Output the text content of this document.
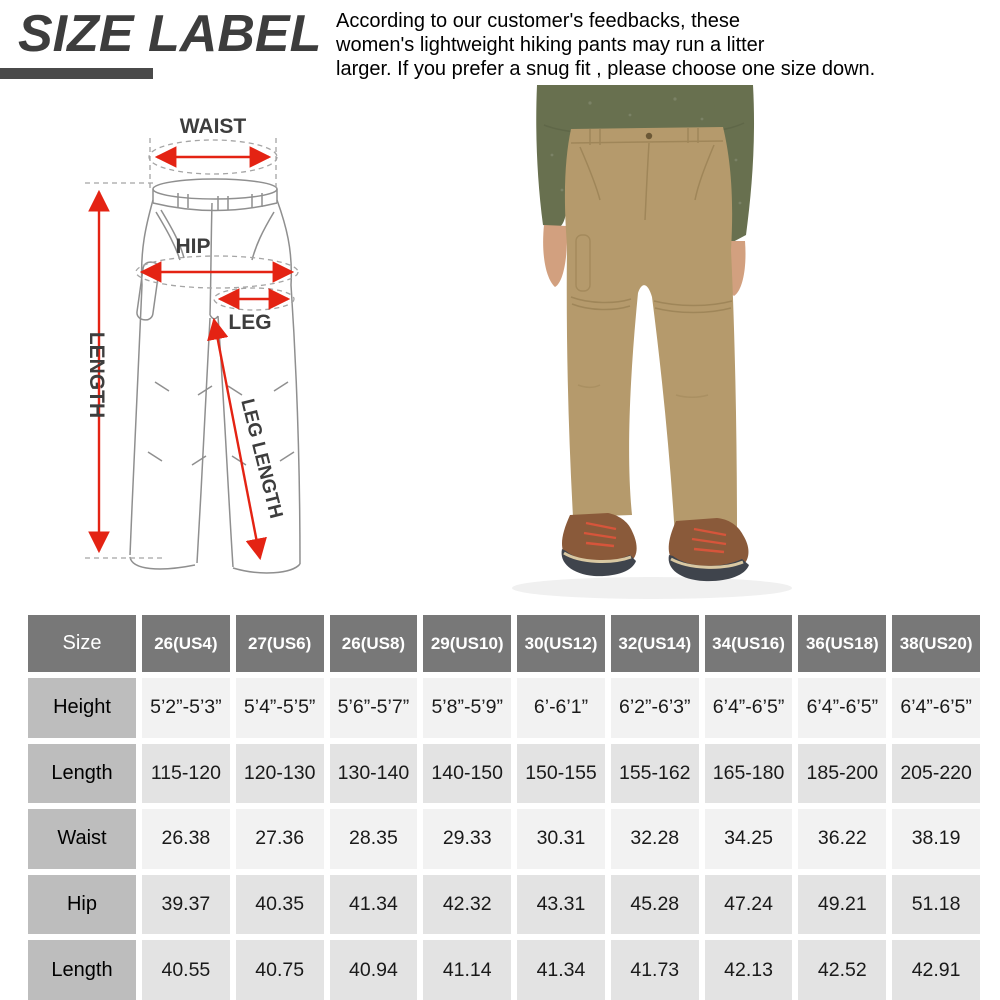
SIZE LABEL According to our customer's feedbacks, these
women's lightweight hiking pants may run a litter
larger. If you prefer a snug fit , please choose one size down.
WAIST
HIP
LEG
LENGTH
LEG LENGTH
Size	26(US4)	27(US6)	26(US8)	29(US10)	30(US12)	32(US14)	34(US16)	36(US18)	38(US20)
Height	5’2”-5’3”	5’4”-5’5”	5’6”-5’7”	5’8”-5’9”	6’-6’1”	6’2”-6’3”	6’4”-6’5”	6’4”-6’5”	6’4”-6’5”
Length	115-120	120-130	130-140	140-150	150-155	155-162	165-180	185-200	205-220
Waist	26.38	27.36	28.35	29.33	30.31	32.28	34.25	36.22	38.19
Hip	39.37	40.35	41.34	42.32	43.31	45.28	47.24	49.21	51.18
Length	40.55	40.75	40.94	41.14	41.34	41.73	42.13	42.52	42.91
